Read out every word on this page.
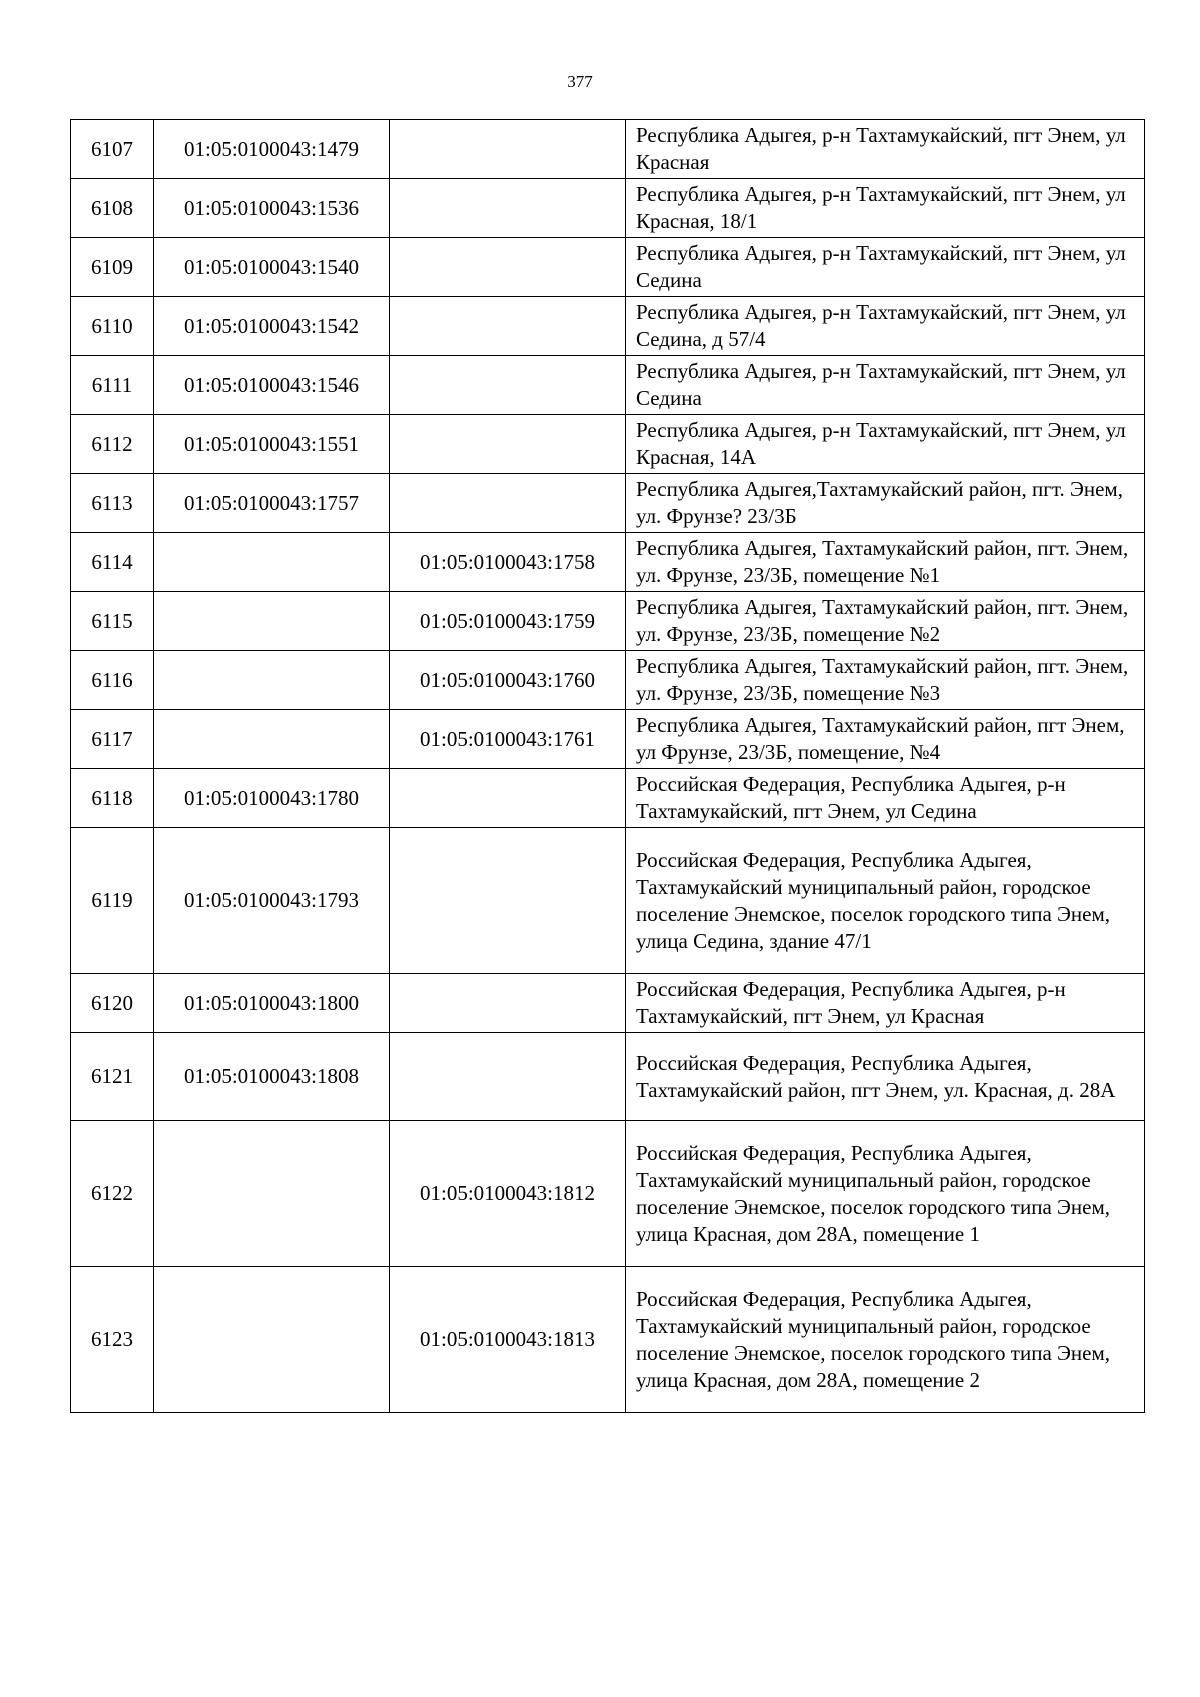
377
6107	01:05:0100043:1479		Республика Адыгея, р-н Тахтамукайский, пгт Энем, ул Красная
6108	01:05:0100043:1536		Республика Адыгея, р-н Тахтамукайский, пгт Энем, ул Красная, 18/1
6109	01:05:0100043:1540		Республика Адыгея, р-н Тахтамукайский, пгт Энем, ул Седина
6110	01:05:0100043:1542		Республика Адыгея, р-н Тахтамукайский, пгт Энем, ул Седина, д 57/4
6111	01:05:0100043:1546		Республика Адыгея, р-н Тахтамукайский, пгт Энем, ул Седина
6112	01:05:0100043:1551		Республика Адыгея, р-н Тахтамукайский, пгт Энем, ул Красная, 14А
6113	01:05:0100043:1757		Республика Адыгея,Тахтамукайский район, пгт. Энем, ул. Фрунзе? 23/3Б
6114		01:05:0100043:1758	Республика Адыгея, Тахтамукайский район, пгт. Энем, ул. Фрунзе, 23/3Б, помещение №1
6115		01:05:0100043:1759	Республика Адыгея, Тахтамукайский район, пгт. Энем, ул. Фрунзе, 23/3Б, помещение №2
6116		01:05:0100043:1760	Республика Адыгея, Тахтамукайский район, пгт. Энем, ул. Фрунзе, 23/3Б, помещение №3
6117		01:05:0100043:1761	Республика Адыгея, Тахтамукайский район, пгт Энем, ул Фрунзе, 23/3Б, помещение, №4
6118	01:05:0100043:1780		Российская Федерация, Республика Адыгея, р-н Тахтамукайский, пгт Энем, ул Седина
6119	01:05:0100043:1793		Российская Федерация, Республика Адыгея, Тахтамукайский муниципальный район, городское поселение Энемское, поселок городского типа Энем, улица Седина, здание 47/1
6120	01:05:0100043:1800		Российская Федерация, Республика Адыгея, р-н Тахтамукайский, пгт Энем, ул Красная
6121	01:05:0100043:1808		Российская Федерация, Республика Адыгея, Тахтамукайский район, пгт Энем, ул. Красная, д. 28А
6122		01:05:0100043:1812	Российская Федерация, Республика Адыгея, Тахтамукайский муниципальный район, городское поселение Энемское, поселок городского типа Энем, улица Красная, дом 28А, помещение 1
6123		01:05:0100043:1813	Российская Федерация, Республика Адыгея, Тахтамукайский муниципальный район, городское поселение Энемское, поселок городского типа Энем, улица Красная, дом 28А, помещение 2
